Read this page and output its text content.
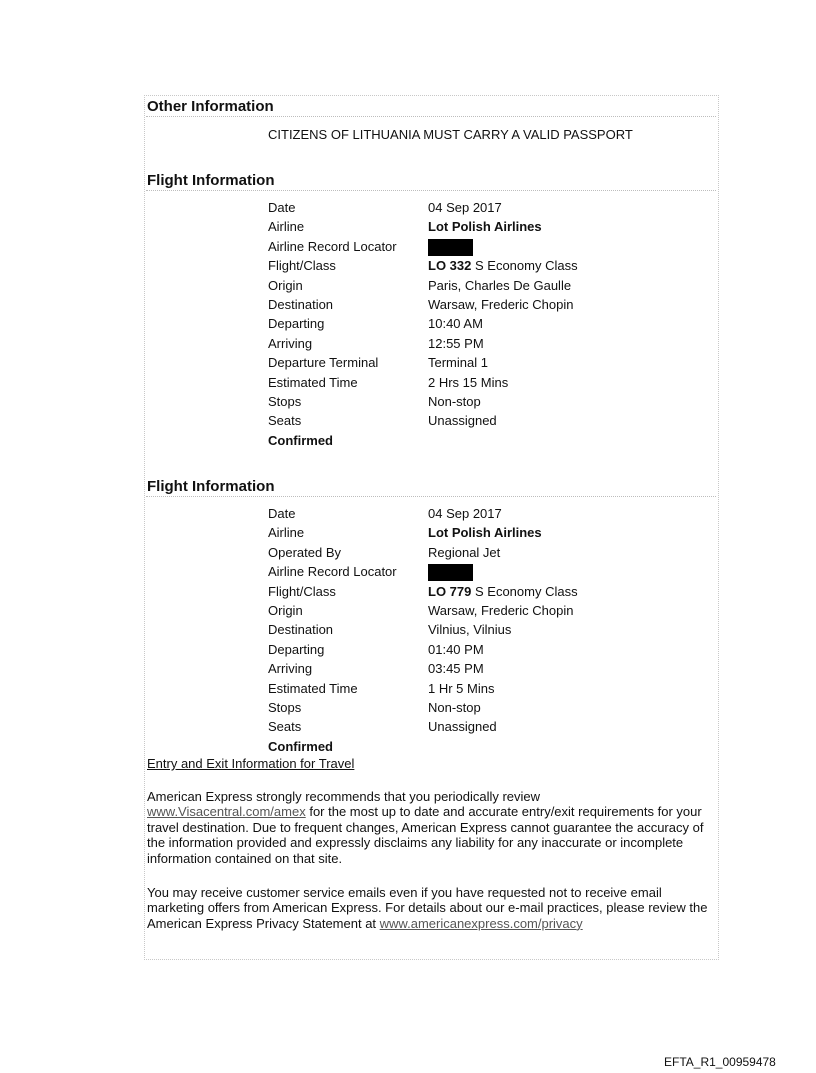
Other Information
CITIZENS OF LITHUANIA MUST CARRY A VALID PASSPORT
Flight Information
Date	04 Sep 2017
Airline	Lot Polish Airlines
Airline Record Locator
Flight/Class	LO 332 S Economy Class
Origin	Paris, Charles De Gaulle
Destination	Warsaw, Frederic Chopin
Departing	10:40 AM
Arriving	12:55 PM
Departure Terminal	Terminal 1
Estimated Time	2 Hrs 15 Mins
Stops	Non-stop
Seats	Unassigned
Confirmed
Flight Information
Date	04 Sep 2017
Airline	Lot Polish Airlines
Operated By	Regional Jet
Airline Record Locator
Flight/Class	LO 779 S Economy Class
Origin	Warsaw, Frederic Chopin
Destination	Vilnius, Vilnius
Departing	01:40 PM
Arriving	03:45 PM
Estimated Time	1 Hr 5 Mins
Stops	Non-stop
Seats	Unassigned
Confirmed
Entry and Exit Information for Travel
American Express strongly recommends that you periodically review
www.Visacentral.com/amex for the most up to date and accurate entry/exit requirements for your travel destination. Due to frequent changes, American Express cannot guarantee the accuracy of the information provided and expressly disclaims any liability for any inaccurate or incomplete information contained on that site.
You may receive customer service emails even if you have requested not to receive email marketing offers from American Express. For details about our e-mail practices, please review the American Express Privacy Statement at www.americanexpress.com/privacy
EFTA_R1_00959478
